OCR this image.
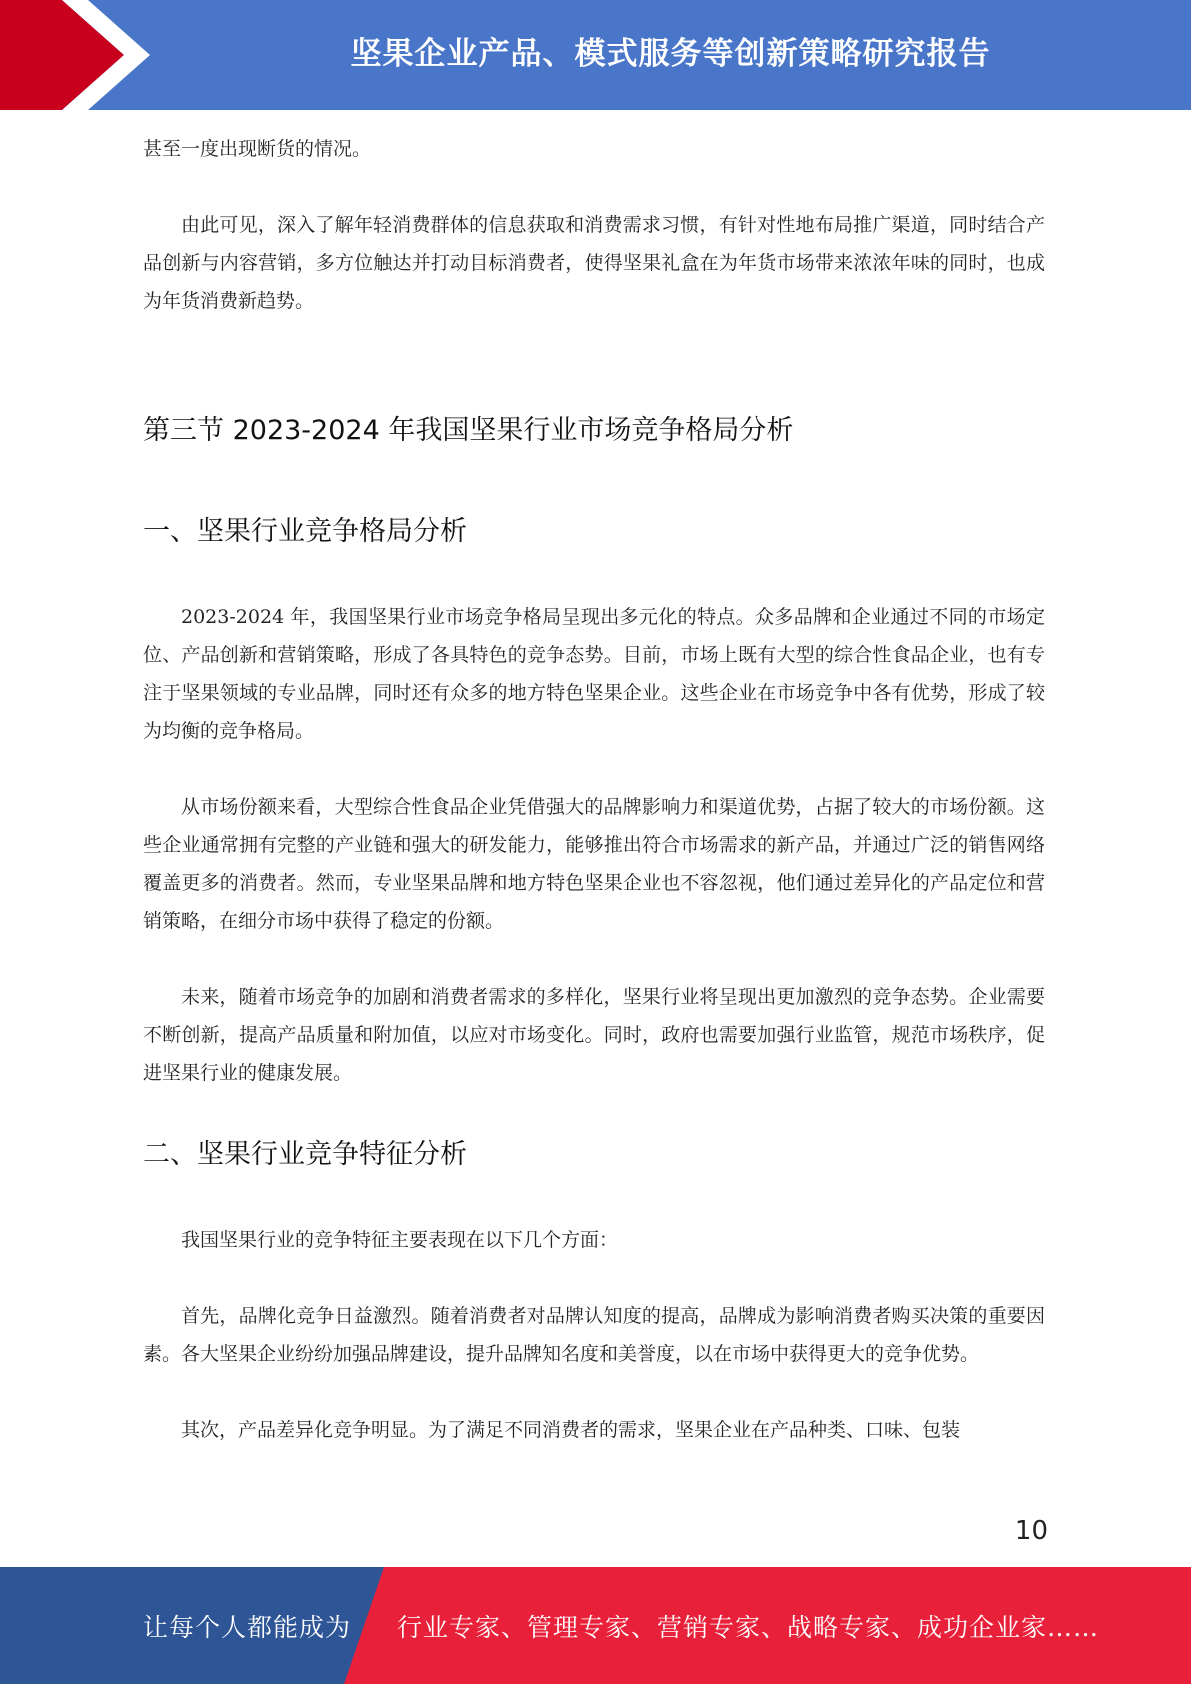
坚果企业产品、模式服务等创新策略研究报告

甚至一度出现断货的情况。

由此可见，深入了解年轻消费群体的信息获取和消费需求习惯，有针对性地布局推广渠道，同时结合产品创新与内容营销，多方位触达并打动目标消费者，使得坚果礼盒在为年货市场带来浓浓年味的同时，也成为年货消费新趋势。

第三节 2023-2024 年我国坚果行业市场竞争格局分析
一、坚果行业竞争格局分析

2023-2024 年，我国坚果行业市场竞争格局呈现出多元化的特点。众多品牌和企业通过不同的市场定位、产品创新和营销策略，形成了各具特色的竞争态势。目前，市场上既有大型的综合性食品企业，也有专注于坚果领域的专业品牌，同时还有众多的地方特色坚果企业。这些企业在市场竞争中各有优势，形成了较为均衡的竞争格局。

从市场份额来看，大型综合性食品企业凭借强大的品牌影响力和渠道优势，占据了较大的市场份额。这些企业通常拥有完整的产业链和强大的研发能力，能够推出符合市场需求的新产品，并通过广泛的销售网络覆盖更多的消费者。然而，专业坚果品牌和地方特色坚果企业也不容忽视，他们通过差异化的产品定位和营销策略，在细分市场中获得了稳定的份额。

未来，随着市场竞争的加剧和消费者需求的多样化，坚果行业将呈现出更加激烈的竞争态势。企业需要不断创新，提高产品质量和附加值，以应对市场变化。同时，政府也需要加强行业监管，规范市场秩序，促进坚果行业的健康发展。

二、坚果行业竞争特征分析

我国坚果行业的竞争特征主要表现在以下几个方面：

首先，品牌化竞争日益激烈。随着消费者对品牌认知度的提高，品牌成为影响消费者购买决策的重要因素。各大坚果企业纷纷加强品牌建设，提升品牌知名度和美誉度，以在市场中获得更大的竞争优势。

其次，产品差异化竞争明显。为了满足不同消费者的需求，坚果企业在产品种类、口味、包装

10
让每个人都能成为 行业专家、管理专家、营销专家、战略专家、成功企业家……
